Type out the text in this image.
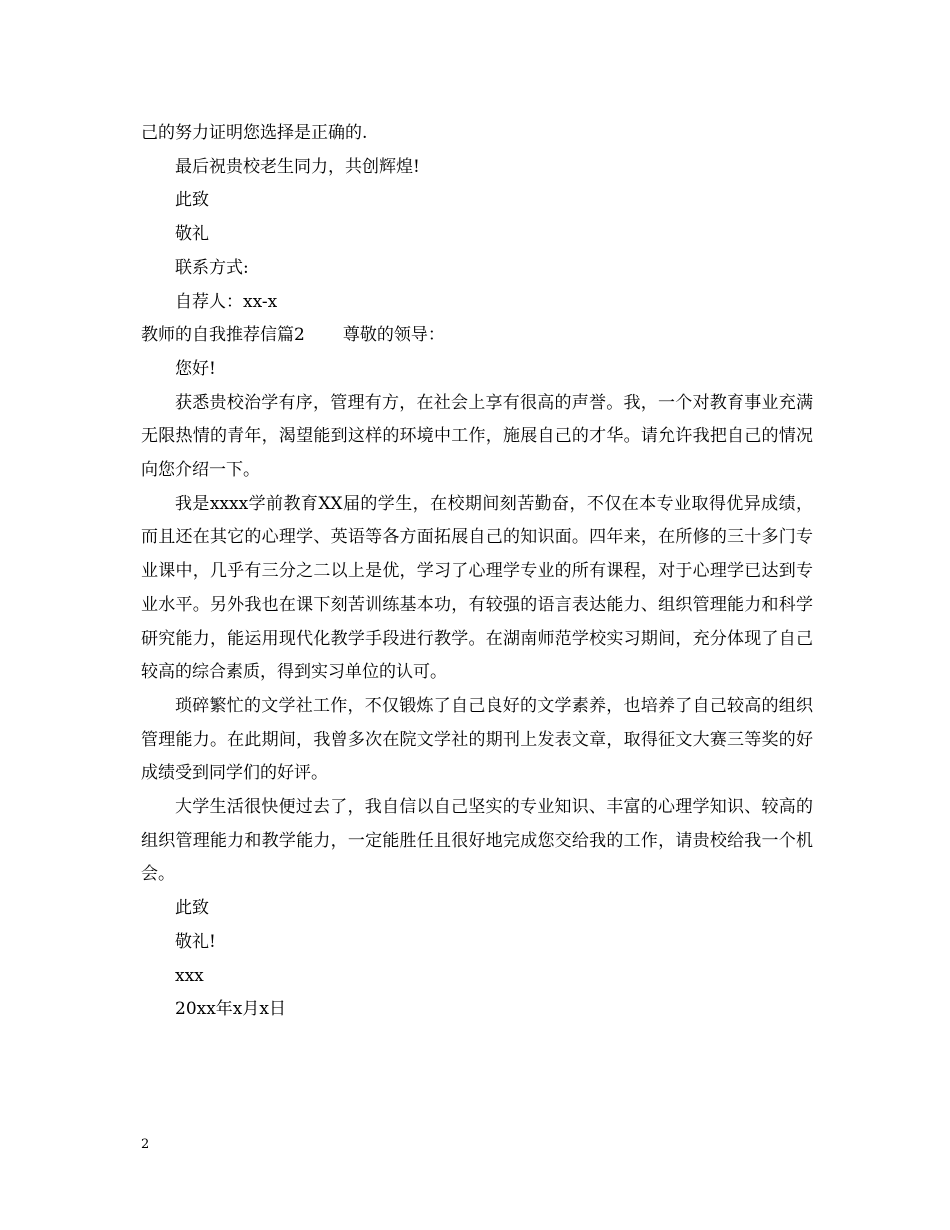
己的努力证明您选择是正确的.

最后祝贵校老生同力，共创辉煌!

此致

敬礼

联系方式:

自荐人：xx-x

教师的自我推荐信篇2 尊敬的领导：

您好!

获悉贵校治学有序，管理有方，在社会上享有很高的声誉。我，一个对教育事业充满无限热情的青年，渴望能到这样的环境中工作，施展自己的才华。请允许我把自己的情况向您介绍一下。

我是xxxx学前教育XX届的学生，在校期间刻苦勤奋，不仅在本专业取得优异成绩，而且还在其它的心理学、英语等各方面拓展自己的知识面。四年来，在所修的三十多门专业课中，几乎有三分之二以上是优，学习了心理学专业的所有课程，对于心理学已达到专业水平。另外我也在课下刻苦训练基本功，有较强的语言表达能力、组织管理能力和科学研究能力，能运用现代化教学手段进行教学。在湖南师范学校实习期间，充分体现了自己较高的综合素质，得到实习单位的认可。

琐碎繁忙的文学社工作，不仅锻炼了自己良好的文学素养，也培养了自己较高的组织管理能力。在此期间，我曾多次在院文学社的期刊上发表文章，取得征文大赛三等奖的好成绩受到同学们的好评。

大学生活很快便过去了，我自信以自己坚实的专业知识、丰富的心理学知识、较高的组织管理能力和教学能力，一定能胜任且很好地完成您交给我的工作，请贵校给我一个机会。

此致

敬礼!

xxx

20xx年x月x日

2
